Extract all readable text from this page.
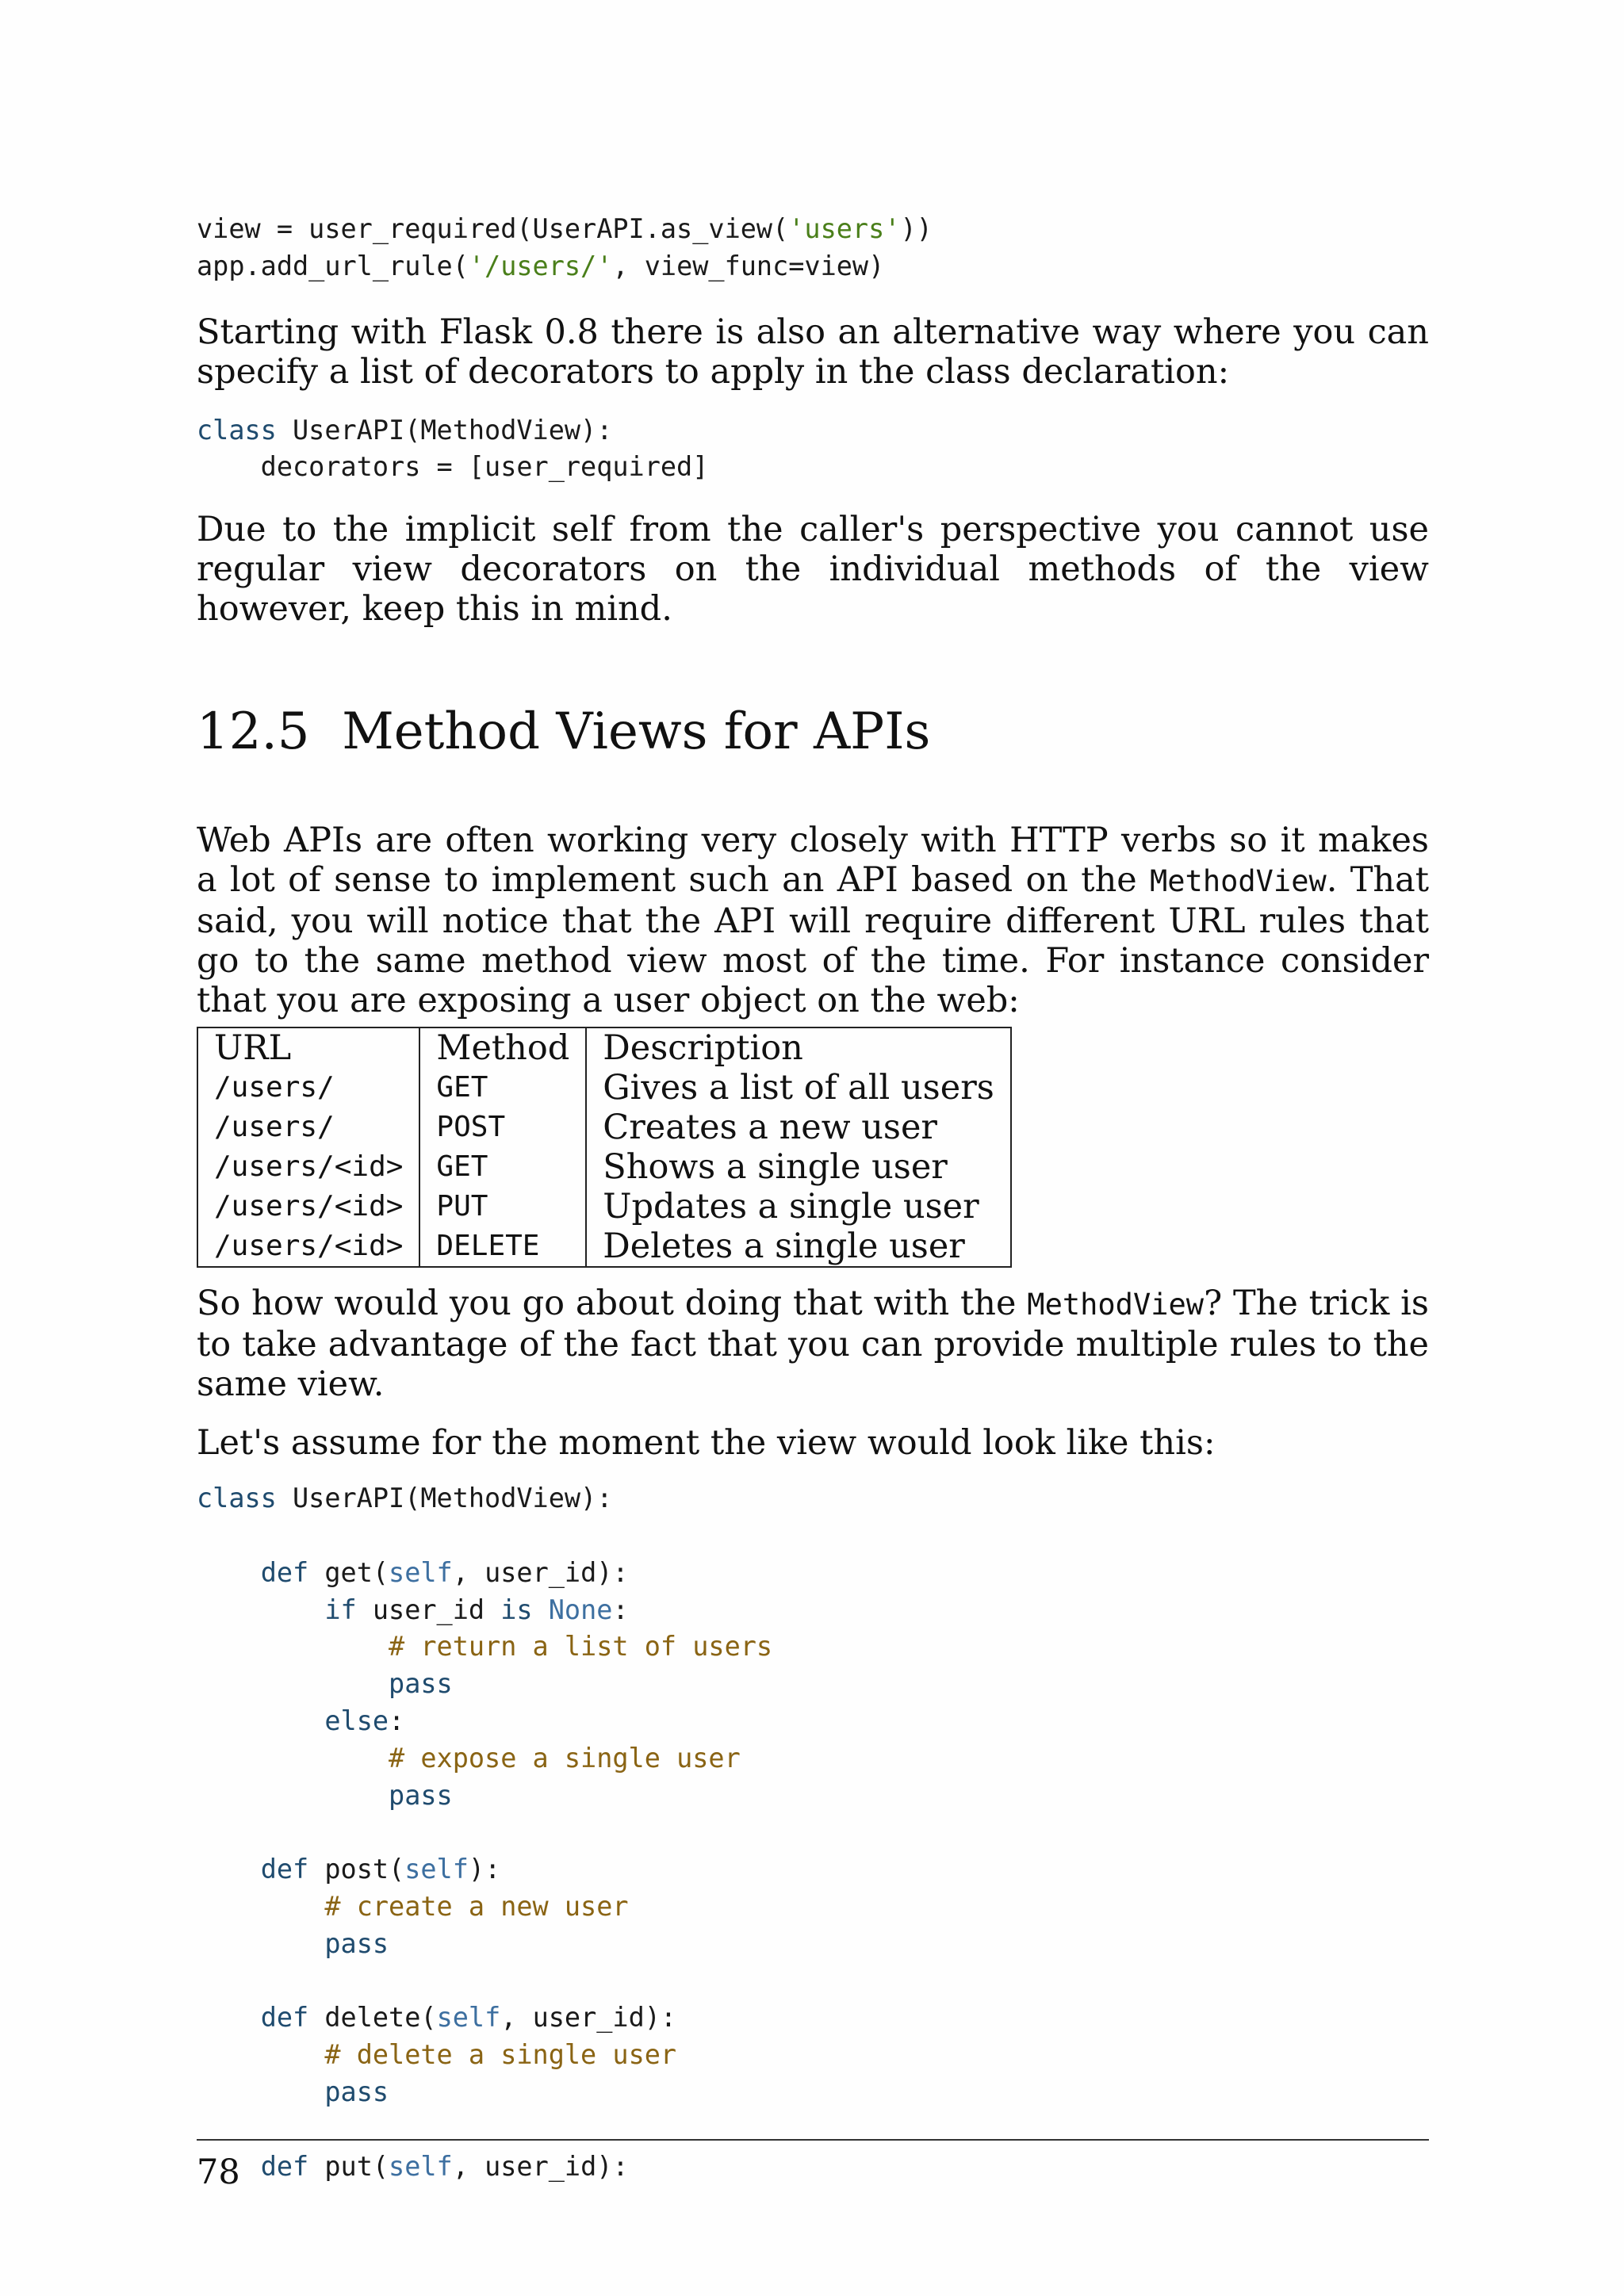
view = user_required(UserAPI.as_view('users'))
app.add_url_rule('/users/', view_func=view)

Starting with Flask 0.8 there is also an alternative way where you can specify a list of decorators to apply in the class declaration:

class UserAPI(MethodView):
decorators = [user_required]

Due to the implicit self from the caller's perspective you cannot use regular view decorators on the individual methods of the view however, keep this in mind.

12.5 Method Views for APIs

Web APIs are often working very closely with HTTP verbs so it makes a lot of sense to implement such an API based on the MethodView. That said, you will notice that the API will require different URL rules that go to the same method view most of the time. For instance consider that you are exposing a user object on the web:

URL	Method	Description
/users/	GET	Gives a list of all users
/users/	POST	Creates a new user
/users/<id>	GET	Shows a single user
/users/<id>	PUT	Updates a single user
/users/<id>	DELETE	Deletes a single user

So how would you go about doing that with the MethodView? The trick is to take advantage of the fact that you can provide multiple rules to the same view.

Let's assume for the moment the view would look like this:

class UserAPI(MethodView):

def get(self, user_id):
if user_id is None:
# return a list of users
pass
else:
# expose a single user
pass

def post(self):
# create a new user
pass

def delete(self, user_id):
# delete a single user
pass

def put(self, user_id):
78
